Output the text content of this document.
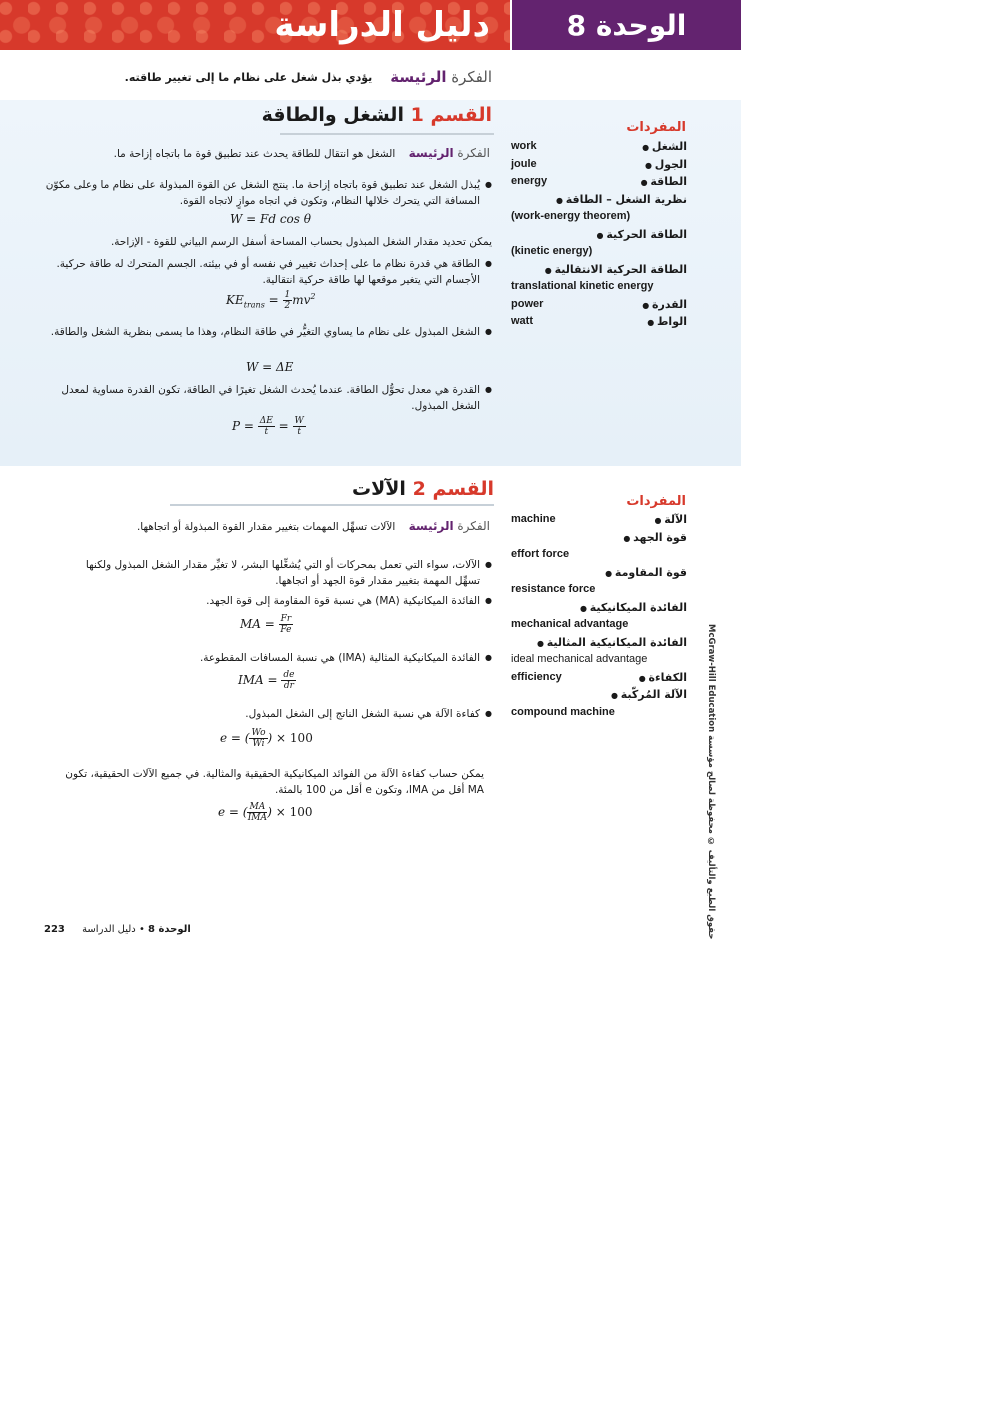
دليل الدراسة	الوحدة 8
الفكرة الرئيسة
يؤدي بذل شغل على نظام ما إلى تغيير طاقته.
القسم 1 الشغل والطاقة
الفكرة الرئيسة الشغل هو انتقال للطاقة يحدث عند تطبيق قوة ما باتجاه إزاحة ما.
● يُبذل الشغل عند تطبيق قوة باتجاه إزاحة ما. ينتج الشغل عن القوة المبذولة على نظام ما وعلى مكوّن المسافة التي يتحرك خلالها النظام، وتكون في اتجاه موازٍ لاتجاه القوة.
W = Fd cos θ
يمكن تحديد مقدار الشغل المبذول بحساب المساحة أسفل الرسم البياني للقوة - الإزاحة.
● الطاقة هي قدرة نظام ما على إحداث تغيير في نفسه أو في بيئته. الجسم المتحرك له طاقة حركية. الأجسام التي يتغير موقعها لها طاقة حركية انتقالية.
$KE_{trans} = \frac{1}{2} mv^2$
● الشغل المبذول على نظام ما يساوي التغيُّر في طاقة النظام، وهذا ما يسمى بنظرية الشغل والطاقة.
W = ΔE
● القدرة هي معدل تحوُّل الطاقة. عندما يُحدث الشغل تغيرًا في الطاقة، تكون القدرة مساوية لمعدل الشغل المبذول.
$P = \frac{\Delta E}{t} = \frac{W}{t}$
المفردات
work	الشغل ●
joule	الجول ●
energy	الطاقة ●
نظرية الشغل – الطاقة ●
(work-energy theorem)
الطاقة الحركية ●
(kinetic energy)
الطاقة الحركية الانتقالية ●
translational kinetic energy
power	القدرة ●
watt	الواط ●
القسم 2 الآلات
الفكرة الرئيسة الآلات تسهِّل المهمات بتغيير مقدار القوة المبذولة أو اتجاهها.
● الآلات، سواء التي تعمل بمحركات أو التي يُشغِّلها البشر، لا تغيِّر مقدار الشغل المبذول ولكنها تسهِّل المهمة بتغيير مقدار قوة الجهد أو اتجاهها.
● الفائدة الميكانيكية (MA) هي نسبة قوة المقاومة إلى قوة الجهد.
MA = $\frac{Fr}{Fe}$
● الفائدة الميكانيكية المثالية (IMA) هي نسبة المسافات المقطوعة.
IMA = $\frac{de}{dr}$
● كفاءة الآلة هي نسبة الشغل الناتج إلى الشغل المبذول.
e = ( $\frac{Wo}{Wi}$ ) × 100
يمكن حساب كفاءة الآلة من الفوائد الميكانيكية الحقيقية والمثالية. في جميع الآلات الحقيقية، تكون MA أقل من IMA، وتكون e أقل من 100 بالمئة.
e = ( $\frac{MA}{\text{IMA}}$ ) × 100
المفردات
machine	الآلة ●
قوة الجهد ●
effort force
قوة المقاومة ●
resistance force
الفائدة الميكانيكية ●
mechanical advantage
الفائدة الميكانيكية المثالية ●
ideal mechanical advantage
efficiency	الكفاءة ●
الآلة المُركّبة ●
compound machine	McGraw-Hill Education حقوق الطبع والتأليف © محفوظة لصالح مؤسسة
223	الوحدة 8 • دليل الدراسة
